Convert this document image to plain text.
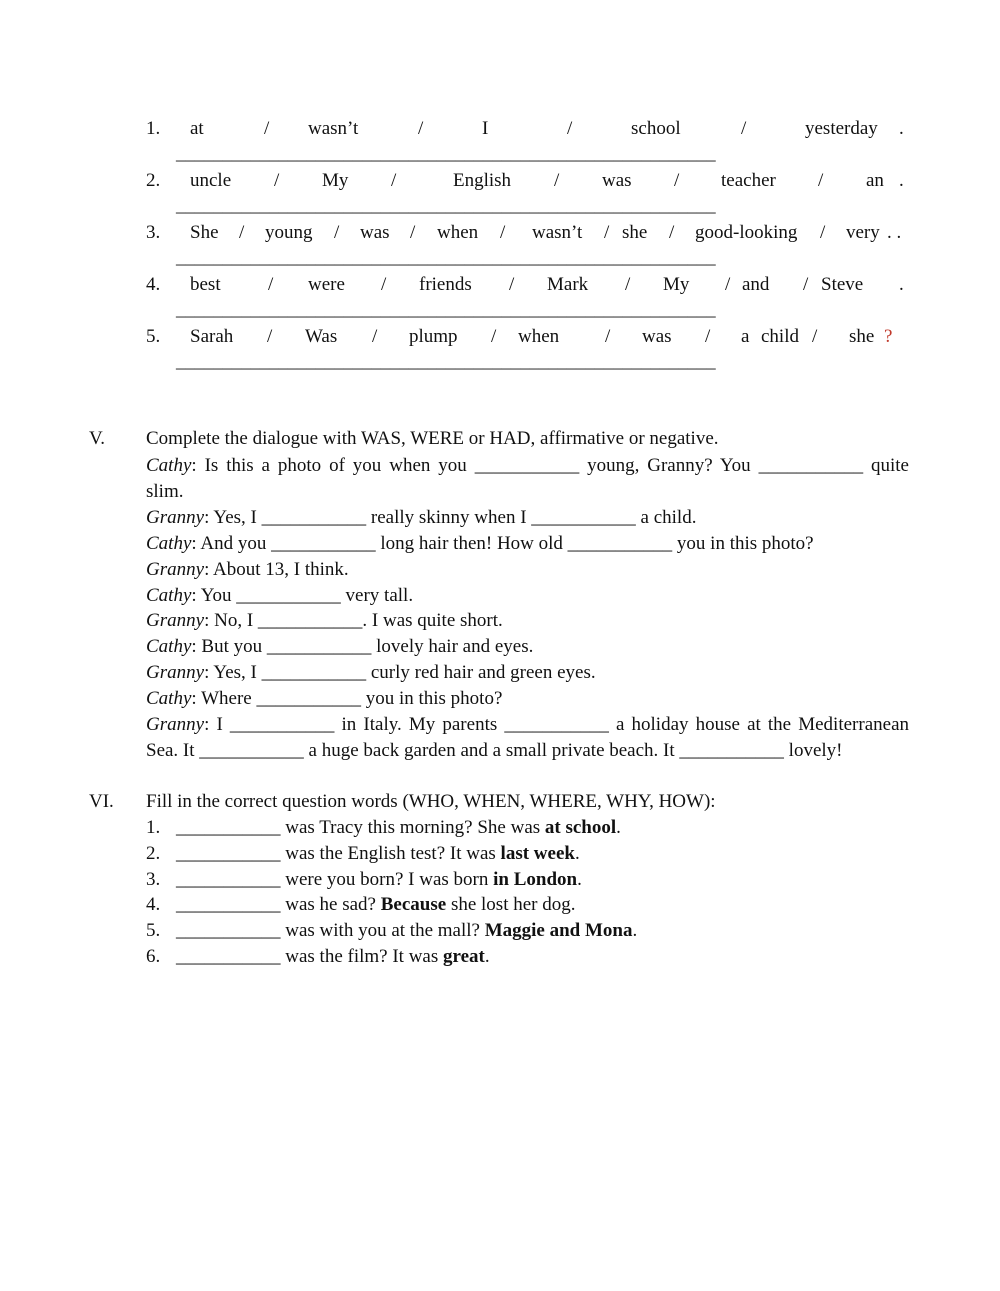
1. at	/ wasn’t	/	I	/	school	/	yesterday .
__________________________________________________________
2. uncle / My /	English / was / teacher / an .
__________________________________________________________
3. She / young / was / when / wasn’t / she / good-looking / very . .
__________________________________________________________
4. best / were / friends / Mark / My / and / Steve .
__________________________________________________________
5. Sarah / Was / plump / when / was / a child / she ?
__________________________________________________________
V. Complete the dialogue with WAS, WERE or HAD, affirmative or negative.
Cathy: Is this a photo of you when you ___________ young, Granny? You ___________ quite
slim.
Granny: Yes, I ___________ really skinny when I ___________ a child.
Cathy: And you ___________ long hair then! How old ___________ you in this photo?
Granny: About 13, I think.
Cathy: You ___________ very tall.
Granny: No, I ___________. I was quite short.
Cathy: But you ___________ lovely hair and eyes.
Granny: Yes, I ___________ curly red hair and green eyes.
Cathy: Where ___________ you in this photo?
Granny: I ___________ in Italy. My parents ___________ a holiday house at the Mediterranean
Sea. It ___________ a huge back garden and a small private beach. It ___________ lovely!
VI. Fill in the correct question words (WHO, WHEN, WHERE, WHY, HOW):
1. ___________ was Tracy this morning? She was at school.
2. ___________ was the English test? It was last week.
3. ___________ were you born? I was born in London.
4. ___________ was he sad? Because she lost her dog.
5. ___________ was with you at the mall? Maggie and Mona.
6. ___________ was the film? It was great.
